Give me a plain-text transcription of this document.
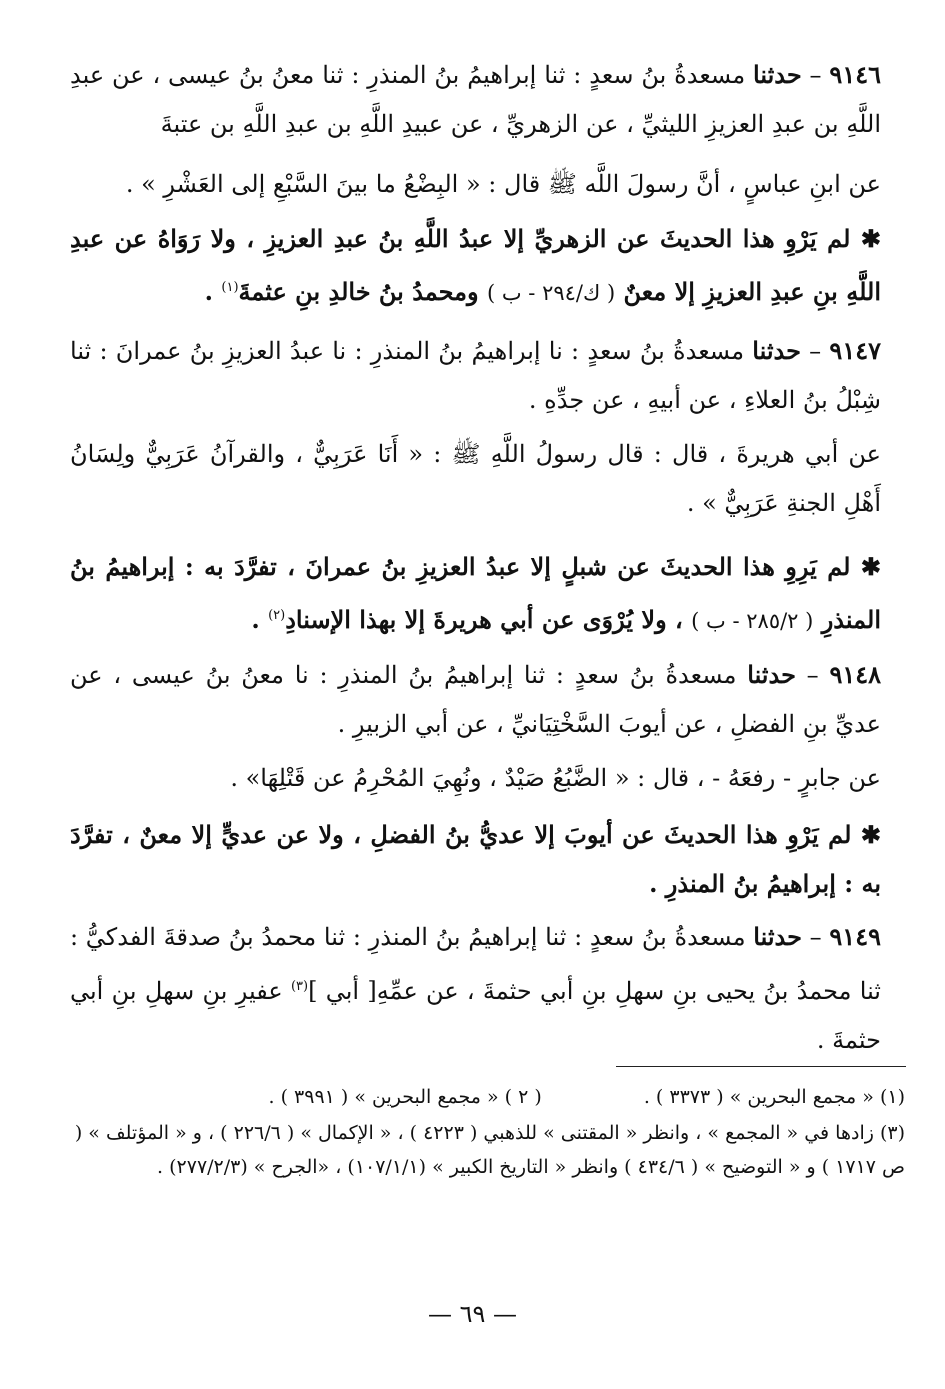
٩١٤٦ – حدثنا مسعدةُ بنُ سعدٍ : ثنا إبراهيمُ بنُ المنذرِ : ثنا معنُ بنُ عيسى ، عن عبدِ اللَّهِ بن عبدِ العزيزِ الليثيِّ ، عن الزهريِّ ، عن عبيدِ اللَّهِ بن عبدِ اللَّهِ بن عتبةَ
عن ابنِ عباسٍ ، أنَّ رسولَ اللَّه ﷺ قال : « البِضْعُ ما بينَ السَّبْعِ إلى العَشْرِ » .
✱ لم يَرْوِ هذا الحديثَ عن الزهريِّ إلا عبدُ اللَّهِ بنُ عبدِ العزيزِ ، ولا رَوَاهُ عن عبدِ اللَّهِ بنِ عبدِ العزيزِ إلا معنٌ ( ك/٢٩٤ - ب ) ومحمدُ بنُ خالدِ بنِ عثمةَ$^{(١)}$ .
٩١٤٧ – حدثنا مسعدةُ بنُ سعدٍ : نا إبراهيمُ بنُ المنذرِ : نا عبدُ العزيزِ بنُ عمرانَ : ثنا شِبْلُ بنُ العلاءِ ، عن أبيهِ ، عن جدِّهِ .
عن أبي هريرةَ ، قال : قال رسولُ اللَّهِ ﷺ : « أَنَا عَرَبِيٌّ ، والقرآنُ عَرَبِيٌّ ولِسَانُ أَهْلِ الجنةِ عَرَبِيٌّ » .
✱ لم يَرِوِ هذا الحديثَ عن شبلٍ إلا عبدُ العزيزِ بنُ عمرانَ ، تفرَّدَ به : إبراهيمُ بنُ المنذرِ ( ٢٨٥/٢ - ب ) ، ولا يُرْوَى عن أبي هريرةَ إلا بهذا الإسنادِ$^{(٢)}$ .
٩١٤٨ – حدثنا مسعدةُ بنُ سعدٍ : ثنا إبراهيمُ بنُ المنذرِ : نا معنُ بنُ عيسى ، عن عديِّ بنِ الفضلِ ، عن أيوبَ السَّخْتِيَانيِّ ، عن أبي الزبيرِ .
عن جابرٍ - رفعَهُ - ، قال : « الضَّبُعُ صَيْدٌ ، ونُهِيَ المُحْرِمُ عن قَتْلِهَا» .
✱ لم يَرْوِ هذا الحديثَ عن أيوبَ إلا عديُّ بنُ الفضلِ ، ولا عن عديٍّ إلا معنٌ ، تفرَّدَ به : إبراهيمُ بنُ المنذرِ .
٩١٤٩ – حدثنا مسعدةُ بنُ سعدٍ : ثنا إبراهيمُ بنُ المنذرِ : ثنا محمدُ بنُ صدقةَ الفدكيُّ : ثنا محمدُ بنُ يحيى بنِ سهلِ بنِ أبي حثمةَ ، عن عمِّهِ[ أبي ]$^{(٣)}$ عفيرِ بنِ سهلِ بنِ أبي حثمةَ .
(١) « مجمع البحرين » ( ٣٣٧٣ ) .  ( ٢ ) « مجمع البحرين » ( ٣٩٩١ ) .
(٣) زادها في « المجمع » ، وانظر « المقتنى » للذهبي ( ٤٢٢٣ ) ، « الإكمال » ( ٢٢٦/٦ ) ، و « المؤتلف » ( ص ١٧١٧ ) و « التوضيح » ( ٤٣٤/٦ ) وانظر « التاريخ الكبير » (١٠٧/١/١) ، «الجرح » (٢٧٧/٢/٣) .
— ٦٩ —
